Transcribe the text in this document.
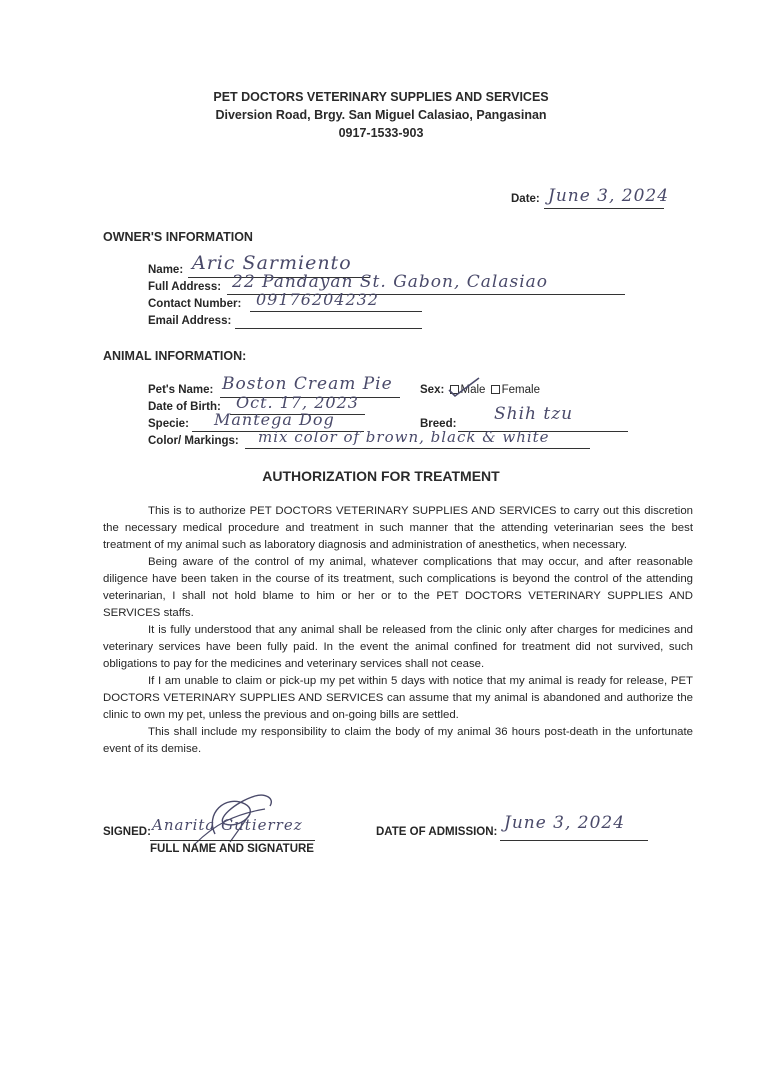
PET DOCTORS VETERINARY SUPPLIES AND SERVICES
Diversion Road, Brgy. San Miguel Calasiao, Pangasinan
0917-1533-903
Date: June 3, 2024
OWNER'S INFORMATION
Name: Aric Sarmiento
Full Address: 22 Pandayan St. Gabon, Calasiao
Contact Number: 09176204232
Email Address:
ANIMAL INFORMATION:
Pet's Name: Boston Cream Pie Sex: Male Female
Date of Birth: Oct. 17, 2023
Specie: Mantega Dog	Breed: Shih tzu
Color/ Markings: mix color of brown, black & white
AUTHORIZATION FOR TREATMENT

This is to authorize PET DOCTORS VETERINARY SUPPLIES AND SERVICES to carry out this discretion the necessary medical procedure and treatment in such manner that the attending veterinarian sees the best treatment of my animal such as laboratory diagnosis and administration of anesthetics, when necessary.

Being aware of the control of my animal, whatever complications that may occur, and after reasonable diligence have been taken in the course of its treatment, such complications is beyond the control of the attending veterinarian, I shall not hold blame to him or her or to the PET DOCTORS VETERINARY SUPPLIES AND SERVICES staffs.

It is fully understood that any animal shall be released from the clinic only after charges for medicines and veterinary services have been fully paid. In the event the animal confined for treatment did not survived, such obligations to pay for the medicines and veterinary services shall not cease.

If I am unable to claim or pick-up my pet within 5 days with notice that my animal is ready for release, PET DOCTORS VETERINARY SUPPLIES AND SERVICES can assume that my animal is abandoned and authorize the clinic to own my pet, unless the previous and on-going bills are settled.

This shall include my responsibility to claim the body of my animal 36 hours post-death in the unfortunate event of its demise.

SIGNED: Anarita Gutierrez
FULL NAME AND SIGNATURE
DATE OF ADMISSION: June 3, 2024
